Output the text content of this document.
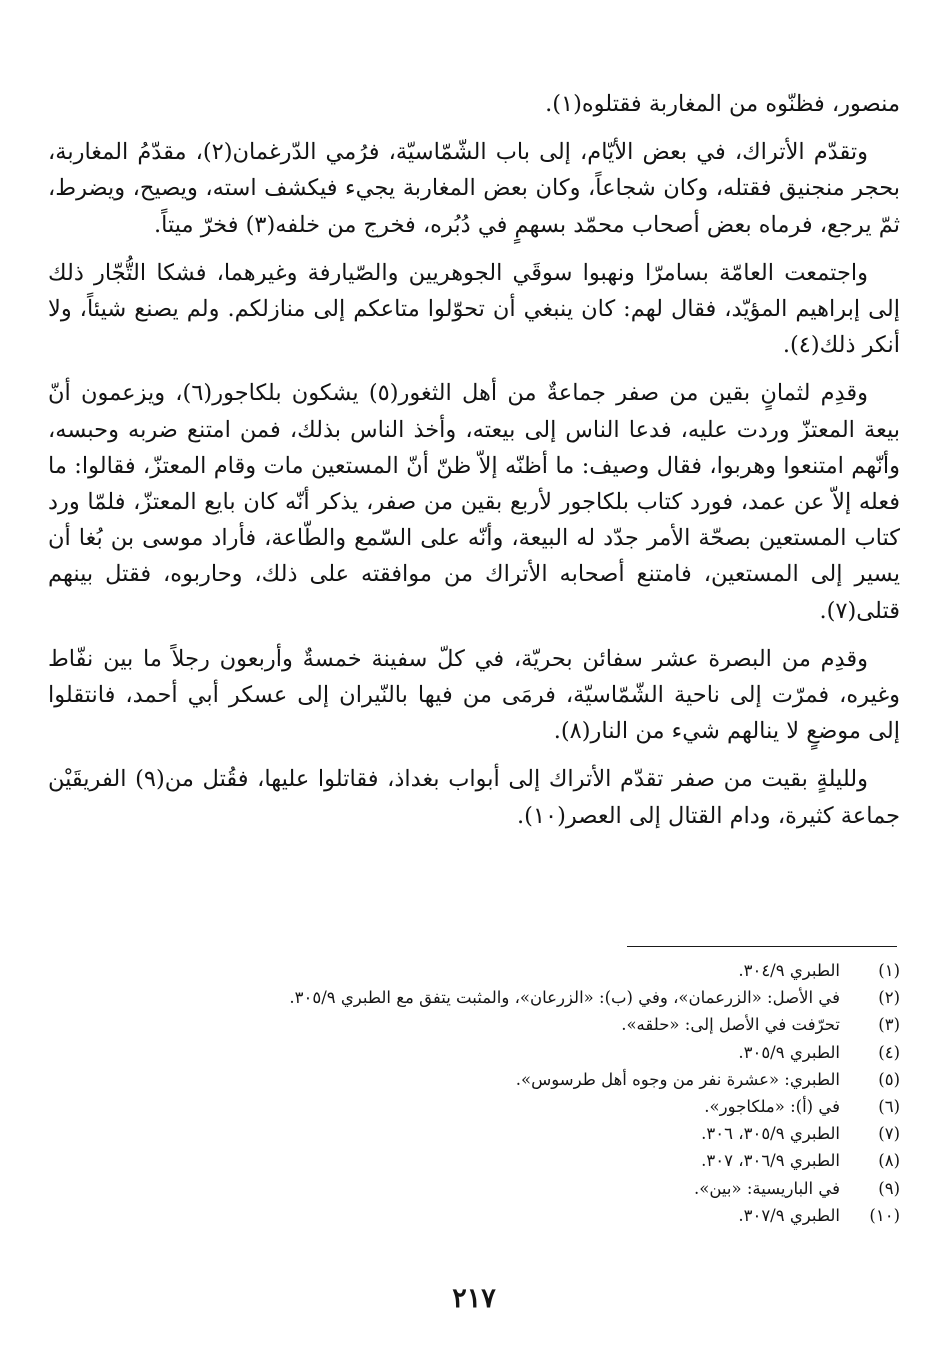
منصور، فظنّوه من المغاربة فقتلوه(١).

وتقدّم الأتراك، في بعض الأيّام، إلى باب الشّمّاسيّة، فرُمي الدّرغمان(٢)، مقدّمُ المغاربة، بحجر منجنيق فقتله، وكان شجاعاً، وكان بعض المغاربة يجيء فيكشف استه، ويصيح، ويضرط، ثمّ يرجع، فرماه بعض أصحاب محمّد بسهمٍ في دُبُره، فخرج من خلفه(٣) فخرّ ميتاً.

واجتمعت العامّة بسامرّا ونهبوا سوقَي الجوهريين والصّيارفة وغيرهما، فشكا التُّجّار ذلك إلى إبراهيم المؤيّد، فقال لهم: كان ينبغي أن تحوّلوا متاعكم إلى منازلكم. ولم يصنع شيئاً، ولا أنكر ذلك(٤).

وقدِم لثمانٍ بقين من صفر جماعةٌ من أهل الثغور(٥) يشكون بلكاجور(٦)، ويزعمون أنّ بيعة المعتزّ وردت عليه، فدعا الناس إلى بيعته، وأخذ الناس بذلك، فمن امتنع ضربه وحبسه، وأنّهم امتنعوا وهربوا، فقال وصيف: ما أظنّه إلاّ ظنّ أنّ المستعين مات وقام المعتزّ، فقالوا: ما فعله إلاّ عن عمد، فورد كتاب بلكاجور لأربع بقين من صفر، يذكر أنّه كان بايع المعتزّ، فلمّا ورد كتاب المستعين بصحّة الأمر جدّد له البيعة، وأنّه على السّمع والطّاعة، فأراد موسى بن بُغا أن يسير إلى المستعين، فامتنع أصحابه الأتراك من موافقته على ذلك، وحاربوه، فقتل بينهم قتلى(٧).

وقدِم من البصرة عشر سفائن بحريّة، في كلّ سفينة خمسةٌ وأربعون رجلاً ما بين نفّاط وغيره، فمرّت إلى ناحية الشّمّاسيّة، فرمَى من فيها بالنّيران إلى عسكر أبي أحمد، فانتقلوا إلى موضعٍ لا ينالهم شيء من النار(٨).

ولليلةٍ بقيت من صفر تقدّم الأتراك إلى أبواب بغداذ، فقاتلوا عليها، فقُتل من(٩) الفريقَيْن جماعة كثيرة، ودام القتال إلى العصر(١٠).

(١)
الطبري ٣٠٤/٩.
(٢)
في الأصل: «الزرعمان»، وفي (ب): «الزرعان»، والمثبت يتفق مع الطبري ٣٠٥/٩.
(٣)
تحرّفت في الأصل إلى: «حلقه».
(٤)
الطبري ٣٠٥/٩.
(٥)
الطبري: «عشرة نفر من وجوه أهل طرسوس».
(٦)
في (أ): «ملكاجور».
(٧)
الطبري ٣٠٥/٩، ٣٠٦.
(٨)
الطبري ٣٠٦/٩، ٣٠٧.
(٩)
في الباريسية: «بين».
(١٠)
الطبري ٣٠٧/٩.
٢١٧
